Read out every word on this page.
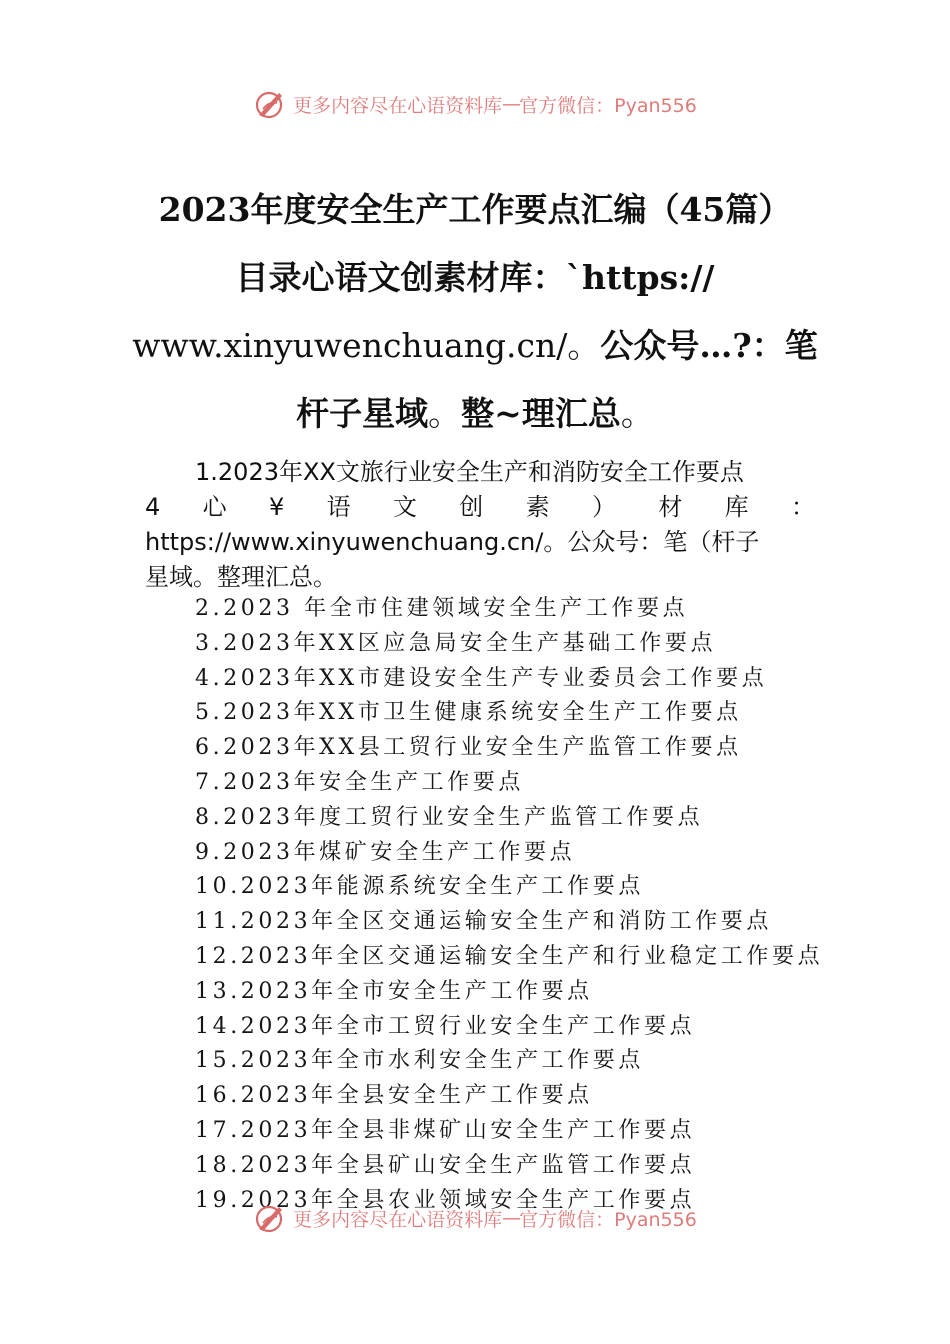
更多内容尽在心语资料库 — 官方微信：Pyan556
2023年度安全生产工作要点汇编（45篇）
目录心语文创素材库：`https://
www.xinyuwenchuang.cn/。公众号…?：笔
杆子星域。整~理汇总。
1.2023年XX文旅行业安全生产和消防安全工作要点
4 心 ¥ 语 文 创 素 ） 材 库 ：
https://www.xinyuwenchuang.cn/。公众号：笔（杆子
星域。整理汇总。
2.2023 年全市住建领域安全生产工作要点
3.2023年XX区应急局安全生产基础工作要点
4.2023年XX市建设安全生产专业委员会工作要点
5.2023年XX市卫生健康系统安全生产工作要点
6.2023年XX县工贸行业安全生产监管工作要点
7.2023年安全生产工作要点
8.2023年度工贸行业安全生产监管工作要点
9.2023年煤矿安全生产工作要点
10.2023年能源系统安全生产工作要点
11.2023年全区交通运输安全生产和消防工作要点
12.2023年全区交通运输安全生产和行业稳定工作要点
13.2023年全市安全生产工作要点
14.2023年全市工贸行业安全生产工作要点
15.2023年全市水利安全生产工作要点
16.2023年全县安全生产工作要点
17.2023年全县非煤矿山安全生产工作要点
18.2023年全县矿山安全生产监管工作要点
19.2023年全县农业领域安全生产工作要点
更多内容尽在心语资料库 — 官方微信：Pyan556
